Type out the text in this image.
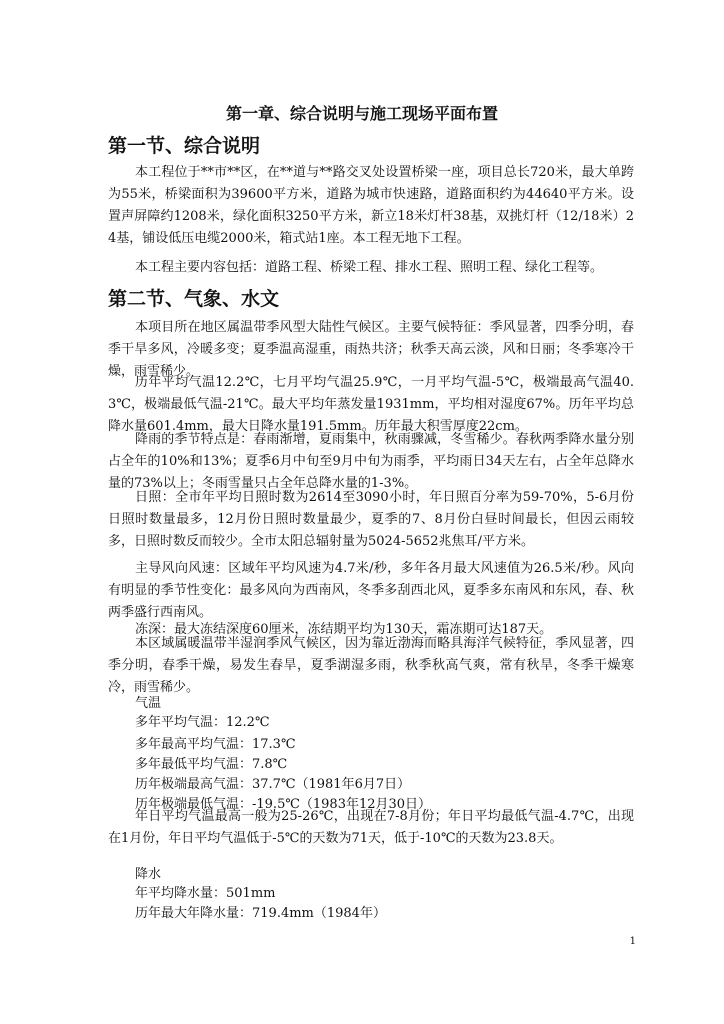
第一章、综合说明与施工现场平面布置
第一节、综合说明

本工程位于**市**区，在**道与**路交叉处设置桥梁一座，项目总长720米，最大单跨为55米，桥梁面积为39600平方米，道路为城市快速路，道路面积约为44640平方米。设置声屏障约1208米，绿化面积3250平方米，新立18米灯杆38基，双挑灯杆（12/18米）24基，铺设低压电缆2000米，箱式站1座。本工程无地下工程。

本工程主要内容包括：道路工程、桥梁工程、排水工程、照明工程、绿化工程等。

第二节、气象、水文

本项目所在地区属温带季风型大陆性气候区。主要气候特征：季风显著，四季分明，春季干旱多风，冷暖多变；夏季温高湿重，雨热共济；秋季天高云淡，风和日丽；冬季寒冷干燥，雨雪稀少。

历年平均气温12.2℃，七月平均气温25.9℃，一月平均气温-5℃，极端最高气温40.3℃，极端最低气温-21℃。最大平均年蒸发量1931mm，平均相对湿度67%。历年平均总降水量601.4mm，最大日降水量191.5mm。历年最大积雪厚度22cm。

降雨的季节特点是：春雨渐增，夏雨集中，秋雨骤减，冬雪稀少。春秋两季降水量分别占全年的10%和13%；夏季6月中旬至9月中旬为雨季，平均雨日34天左右，占全年总降水量的73%以上；冬雨雪量只占全年总降水量的1-3%。

日照：全市年平均日照时数为2614至3090小时，年日照百分率为59-70%，5-6月份日照时数量最多，12月份日照时数量最少，夏季的7、8月份白昼时间最长，但因云雨较多，日照时数反而较少。全市太阳总辐射量为5024-5652兆焦耳/平方米。

主导风向风速：区域年平均风速为4.7米/秒，多年各月最大风速值为26.5米/秒。风向有明显的季节性变化：最多风向为西南风，冬季多刮西北风，夏季多东南风和东风，春、秋两季盛行西南风。

冻深：最大冻结深度60厘米，冻结期平均为130天，霜冻期可达187天。

本区域属暖温带半湿润季风气候区，因为靠近渤海而略具海洋气候特征，季风显著，四季分明，春季干燥，易发生春旱，夏季湖湿多雨，秋季秋高气爽，常有秋旱，冬季干燥寒冷，雨雪稀少。

气温

多年平均气温：12.2℃

多年最高平均气温：17.3℃

多年最低平均气温：7.8℃

历年极端最高气温：37.7℃（1981年6月7日）

历年极端最低气温：-19.5℃（1983年12月30日）

年日平均气温最高一般为25-26℃，出现在7-8月份；年日平均最低气温-4.7℃，出现在1月份，年日平均气温低于-5℃的天数为71天，低于-10℃的天数为23.8天。

降水

年平均降水量：501mm

历年最大年降水量：719.4mm（1984年）

1
